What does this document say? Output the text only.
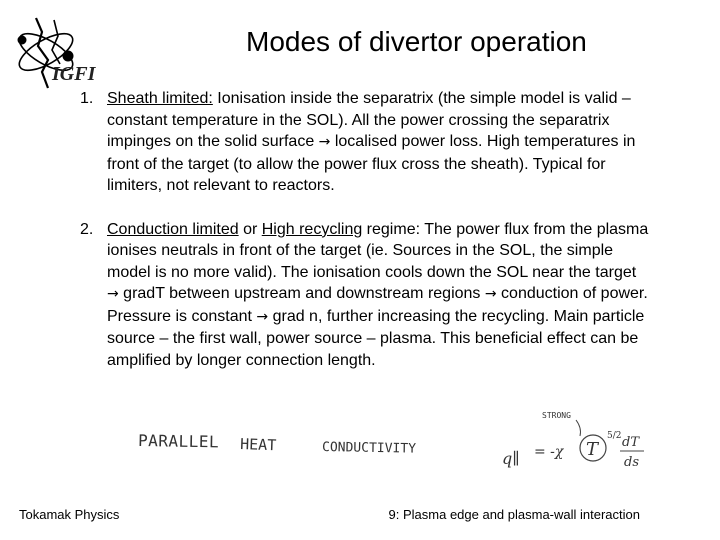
IGFI
Modes of divertor operation
1. Sheath limited: Ionisation inside the separatrix (the simple model is valid – constant temperature in the SOL). All the power crossing the separatrix impinges on the solid surface → localised power loss. High temperatures in front of the target (to allow the power flux cross the sheath). Typical for limiters, not relevant to reactors.
2. Conduction limited or High recycling regime: The power flux from the plasma ionises neutrals in front of the target (ie. Sources in the SOL, the simple model is no more valid). The ionisation cools down the SOL near the target → gradT between upstream and downstream regions → conduction of power. Pressure is constant → grad n, further increasing the recycling. Main particle source – the first wall, power source – plasma. This beneficial effect can be amplified by longer connection length.
PARALLEL HEAT	CONDUCTIVITY
STRONG
q∥ = -χ T
5/2 dT
ds
Tokamak Physics	9: Plasma edge and plasma-wall interaction
